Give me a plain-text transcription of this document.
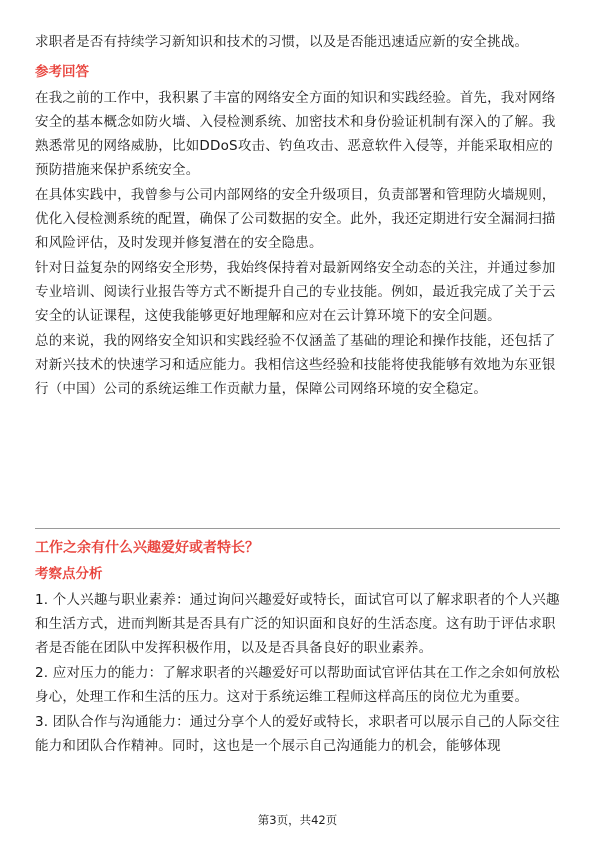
求职者是否有持续学习新知识和技术的习惯，以及是否能迅速适应新的安全挑战。

参考回答

在我之前的工作中，我积累了丰富的网络安全方面的知识和实践经验。首先，我对网络安全的基本概念如防火墙、入侵检测系统、加密技术和身份验证机制有深入的了解。我熟悉常见的网络威胁，比如DDoS攻击、钓鱼攻击、恶意软件入侵等，并能采取相应的预防措施来保护系统安全。

在具体实践中，我曾参与公司内部网络的安全升级项目，负责部署和管理防火墙规则，优化入侵检测系统的配置，确保了公司数据的安全。此外，我还定期进行安全漏洞扫描和风险评估，及时发现并修复潜在的安全隐患。

针对日益复杂的网络安全形势，我始终保持着对最新网络安全动态的关注，并通过参加专业培训、阅读行业报告等方式不断提升自己的专业技能。例如，最近我完成了关于云安全的认证课程，这使我能够更好地理解和应对在云计算环境下的安全问题。

总的来说，我的网络安全知识和实践经验不仅涵盖了基础的理论和操作技能，还包括了对新兴技术的快速学习和适应能力。我相信这些经验和技能将使我能够有效地为东亚银行（中国）公司的系统运维工作贡献力量，保障公司网络环境的安全稳定。

工作之余有什么兴趣爱好或者特长？
考察点分析

1. 个人兴趣与职业素养：通过询问兴趣爱好或特长，面试官可以了解求职者的个人兴趣和生活方式，进而判断其是否具有广泛的知识面和良好的生活态度。这有助于评估求职者是否能在团队中发挥积极作用，以及是否具备良好的职业素养。

2. 应对压力的能力：了解求职者的兴趣爱好可以帮助面试官评估其在工作之余如何放松身心，处理工作和生活的压力。这对于系统运维工程师这样高压的岗位尤为重要。

3. 团队合作与沟通能力：通过分享个人的爱好或特长，求职者可以展示自己的人际交往能力和团队合作精神。同时，这也是一个展示自己沟通能力的机会，能够体现

第3页，共42页
